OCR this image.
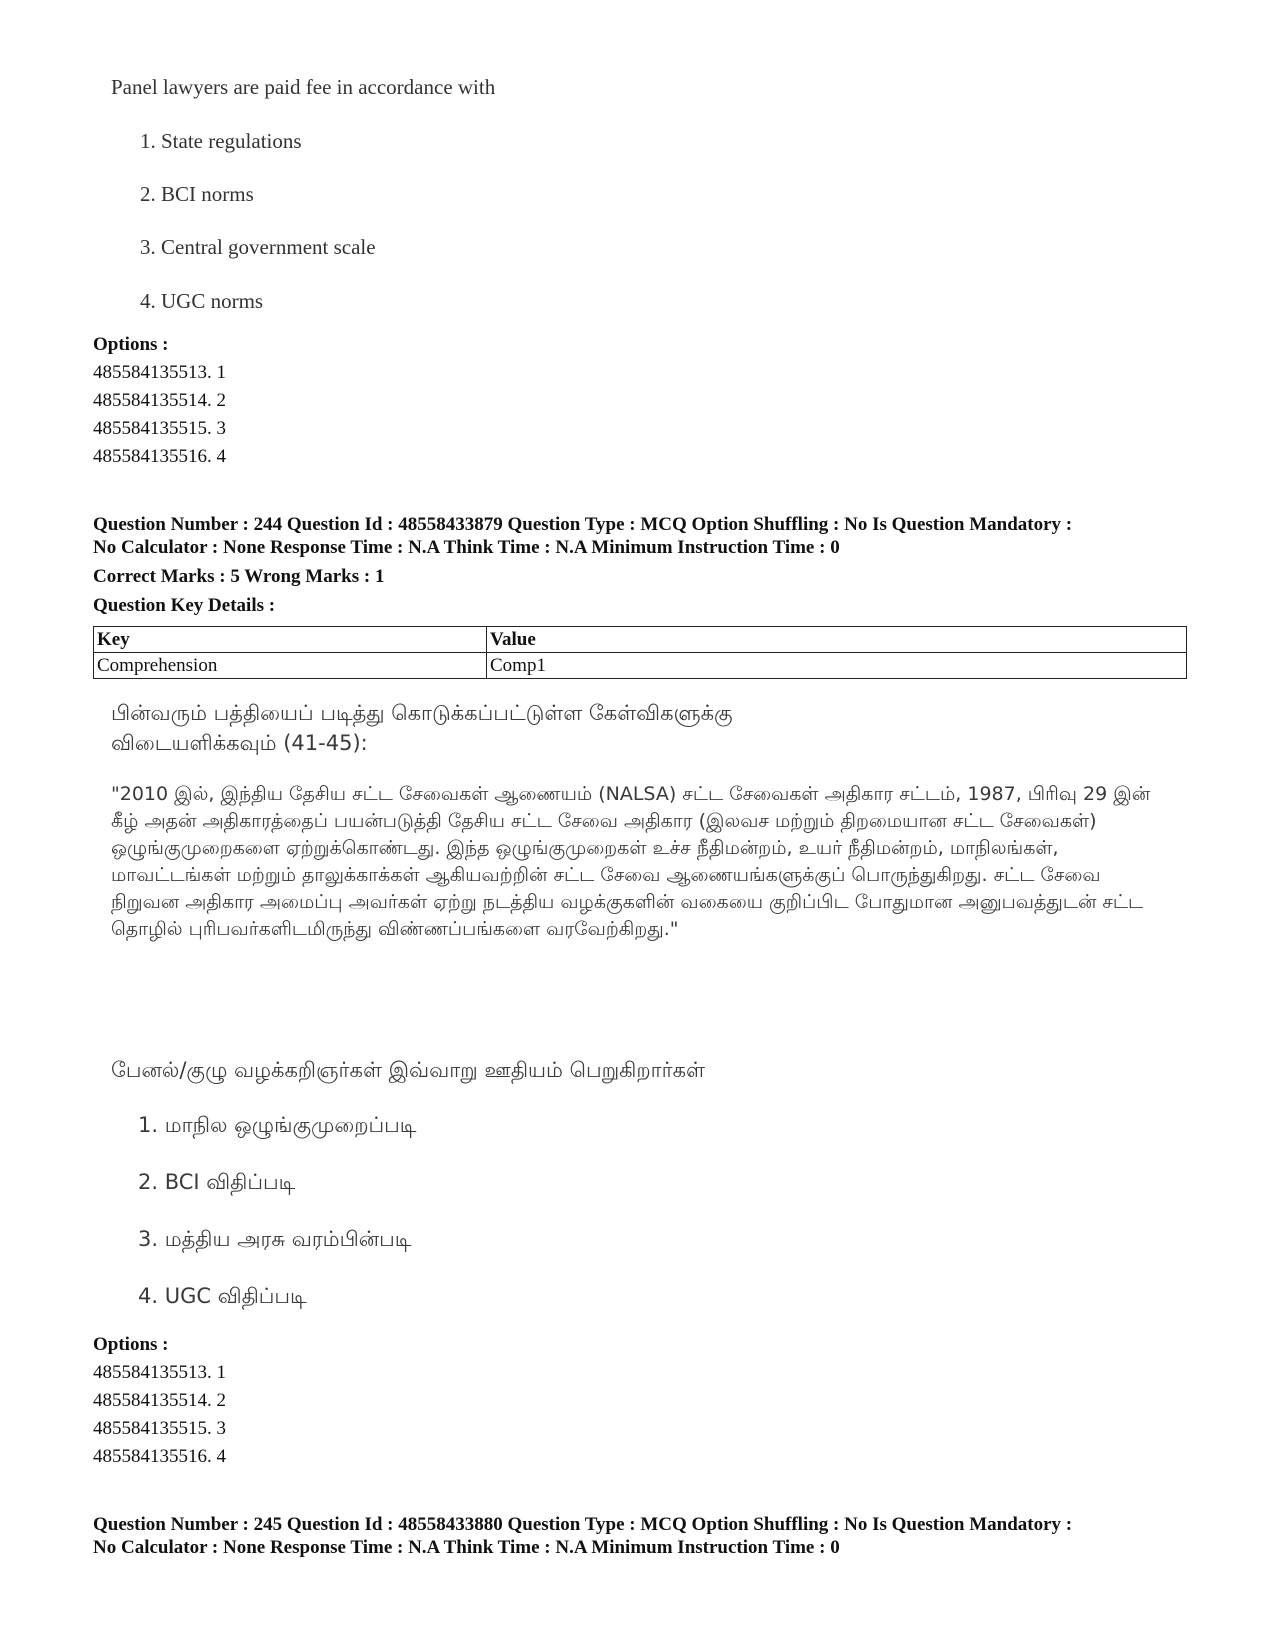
Panel lawyers are paid fee in accordance with
1. State regulations
2. BCI norms
3. Central government scale
4. UGC norms
Options :
485584135513. 1
485584135514. 2
485584135515. 3
485584135516. 4
Question Number : 244 Question Id : 48558433879 Question Type : MCQ Option Shuffling : No Is Question Mandatory :
No Calculator : None Response Time : N.A Think Time : N.A Minimum Instruction Time : 0
Correct Marks : 5 Wrong Marks : 1
Question Key Details :
Key	Value
Comprehension	Comp1
பின்வரும் பத்தியைப் படித்து கொடுக்கப்பட்டுள்ள கேள்விகளுக்கு
விடையளிக்கவும் (41-45):
"2010 இல், இந்திய தேசிய சட்ட சேவைகள் ஆணையம் (NALSA) சட்ட சேவைகள் அதிகார சட்டம், 1987, பிரிவு 29 இன் கீழ் அதன் அதிகாரத்தைப் பயன்படுத்தி தேசிய சட்ட சேவை அதிகார (இலவச மற்றும் திறமையான சட்ட சேவைகள்) ஒழுங்குமுறைகளை ஏற்றுக்கொண்டது. இந்த ஒழுங்குமுறைகள் உச்ச நீதிமன்றம், உயர் நீதிமன்றம், மாநிலங்கள், மாவட்டங்கள் மற்றும் தாலுக்காக்கள் ஆகியவற்றின் சட்ட சேவை ஆணையங்களுக்குப் பொருந்துகிறது. சட்ட சேவை நிறுவன அதிகார அமைப்பு அவர்கள் ஏற்று நடத்திய வழக்குகளின் வகையை குறிப்பிட போதுமான அனுபவத்துடன் சட்ட தொழில் புரிபவர்களிடமிருந்து விண்ணப்பங்களை வரவேற்கிறது."
பேனல்/குழு வழக்கறிஞர்கள் இவ்வாறு ஊதியம் பெறுகிறார்கள்
1. மாநில ஒழுங்குமுறைப்படி
2. BCI விதிப்படி
3. மத்திய அரசு வரம்பின்படி
4. UGC விதிப்படி
Options :
485584135513. 1
485584135514. 2
485584135515. 3
485584135516. 4
Question Number : 245 Question Id : 48558433880 Question Type : MCQ Option Shuffling : No Is Question Mandatory :
No Calculator : None Response Time : N.A Think Time : N.A Minimum Instruction Time : 0
